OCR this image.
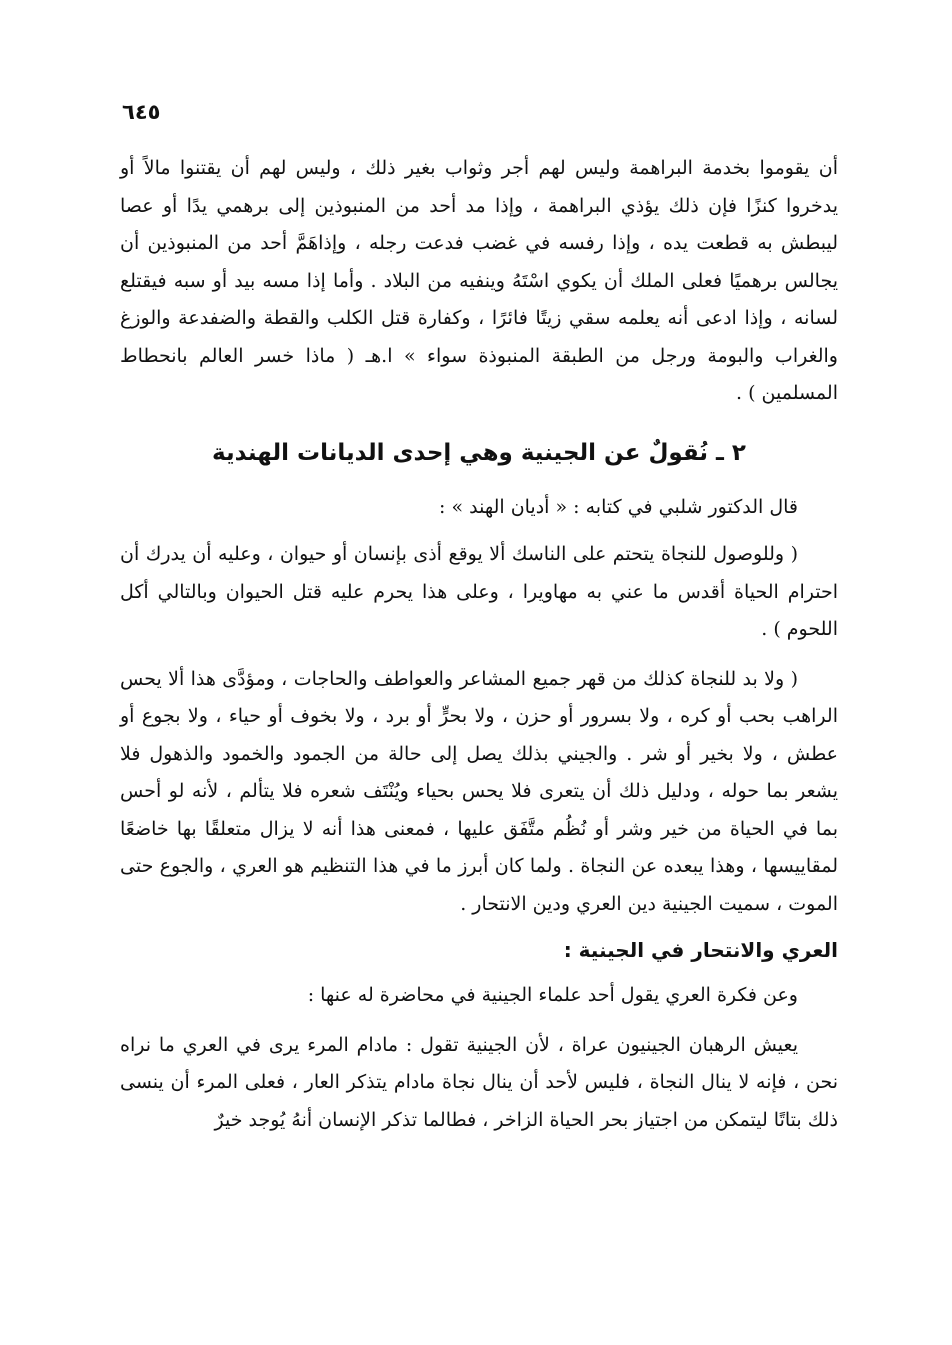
٦٤٥

أن يقوموا بخدمة البراهمة وليس لهم أجر وثواب بغير ذلك ، وليس لهم أن يقتنوا مالاً أو يدخروا كنزًا فإن ذلك يؤذي البراهمة ، وإذا مد أحد من المنبوذين إلى برهمي يدًا أو عصا ليبطش به قطعت يده ، وإذا رفسه في غضب فدعت رجله ، وإذاهَمَّ أحد من المنبوذين أن يجالس برهميًا فعلى الملك أن يكوي اسْتَهُ وينفيه من البلاد . وأما إذا مسه بيد أو سبه فيقتلع لسانه ، وإذا ادعى أنه يعلمه سقي زيتًا فائرًا ، وكفارة قتل الكلب والقطة والضفدعة والوزغ والغراب والبومة ورجل من الطبقة المنبوذة سواء » ا.هـ ( ماذا خسر العالم بانحطاط المسلمين ) .

٢ ـ نُقولٌ عن الجينية وهي إحدى الديانات الهندية

قال الدكتور شلبي في كتابه : « أديان الهند » :

( وللوصول للنجاة يتحتم على الناسك ألا يوقع أذى بإنسان أو حيوان ، وعليه أن يدرك أن احترام الحياة أقدس ما عني به مهاويرا ، وعلى هذا يحرم عليه قتل الحيوان وبالتالي أكل اللحوم ) .

( ولا بد للنجاة كذلك من قهر جميع المشاعر والعواطف والحاجات ، ومؤدَّى هذا ألا يحس الراهب بحب أو كره ، ولا بسرور أو حزن ، ولا بحرٍّ أو برد ، ولا بخوف أو حياء ، ولا بجوع أو عطش ، ولا بخير أو شر . والجيني بذلك يصل إلى حالة من الجمود والخمود والذهول فلا يشعر بما حوله ، ودليل ذلك أن يتعرى فلا يحس بحياء ويُنْتَف شعره فلا يتألم ، لأنه لو أحس بما في الحياة من خير وشر أو نُظُم متَّفَق عليها ، فمعنى هذا أنه لا يزال متعلقًا بها خاضعًا لمقاييسها ، وهذا يبعده عن النجاة . ولما كان أبرز ما في هذا التنظيم هو العري ، والجوع حتى الموت ، سميت الجينية دين العري ودين الانتحار .

العري والانتحار في الجينية :

وعن فكرة العري يقول أحد علماء الجينية في محاضرة له عنها :

يعيش الرهبان الجينيون عراة ، لأن الجينية تقول : مادام المرء يرى في العري ما نراه نحن ، فإنه لا ينال النجاة ، فليس لأحد أن ينال نجاة مادام يتذكر العار ، فعلى المرء أن ينسى ذلك بتاتًا ليتمكن من اجتياز بحر الحياة الزاخر ، فطالما تذكر الإنسان أنهُ يُوجد خيرٌ
